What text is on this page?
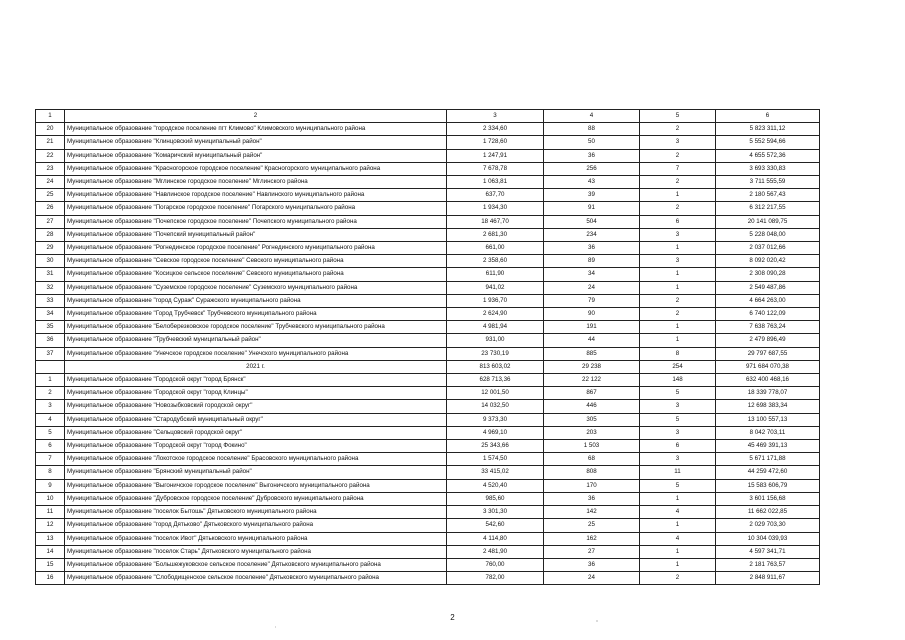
1	2	3	4	5	6
20	Муниципальное образование "городское поселение пгт Климово" Климовского муниципального района	2 334,60	88	2	5 823 311,12
21	Муниципальное образование "Клинцовский муниципальный район"	1 728,60	50	3	5 552 594,66
22	Муниципальное образование "Комаричский муниципальный район"	1 247,91	36	2	4 655 572,36
23	Муниципальное образование "Красногорское городское поселение" Красногорского муниципального района	7 678,78	256	7	3 693 330,83
24	Муниципальное образование "Мглинское городское поселение" Мглинского района	1 063,81	43	2	3 711 555,59
25	Муниципальное образование "Навлинское городское поселение" Навлинского муниципального района	637,70	39	1	2 180 567,43
26	Муниципальное образование "Погарское городское поселение" Погарского муниципального района	1 934,30	91	2	6 312 217,55
27	Муниципальное образование "Почепское городское поселение" Почепского муниципального района	18 467,70	504	6	20 141 089,75
28	Муниципальное образование "Почепский муниципальный район"	2 681,30	234	3	5 228 048,00
29	Муниципальное образование "Рогнединское городское поселение" Рогнединского муниципального района	661,00	36	1	2 037 012,66
30	Муниципальное образование "Севское городское поселение" Севского муниципального района	2 358,60	89	3	8 092 020,42
31	Муниципальное образование "Косицкое сельское поселение" Севского муниципального района	611,90	34	1	2 308 090,28
32	Муниципальное образование "Суземское городское поселение" Суземского муниципального района	941,02	24	1	2 549 487,86
33	Муниципальное образование "город Сураж" Суражского муниципального района	1 936,70	79	2	4 664 263,00
34	Муниципальное образование "Город Трубчевск" Трубчевского муниципального района	2 624,90	90	2	6 740 122,09
35	Муниципальное образование "Белоберезковское городское поселение" Трубчевского муниципального района	4 981,94	191	1	7 638 763,24
36	Муниципальное образование "Трубчевский муниципальный район"	931,00	44	1	2 479 896,49
37	Муниципальное образование "Унечское городское поселение" Унечского муниципального района	23 730,19	885	8	29 797 687,55
	2021 г.	813 603,02	29 238	254	971 684 070,38
1	Муниципальное образование "Городской округ "город Брянск"	628 713,36	22 122	148	632 400 468,16
2	Муниципальное образование "Городской округ "город Клинцы"	12 001,50	867	5	18 339 778,07
3	Муниципальное образование "Новозыбковский городской округ"	14 032,50	446	3	12 698 383,34
4	Муниципальное образование "Стародубский муниципальный округ"	9 373,30	305	5	13 100 557,13
5	Муниципальное образование "Сельцовский городской округ"	4 969,10	203	3	8 042 703,11
6	Муниципальное образование "Городской округ "город Фокино"	25 343,66	1 503	6	45 469 391,13
7	Муниципальное образование "Локотское городское поселение" Брасовского муниципального района	1 574,50	68	3	5 671 171,88
8	Муниципальное образование "Брянский муниципальный район"	33 415,02	808	11	44 259 472,60
9	Муниципальное образование "Выгоничское городское поселение" Выгоничского муниципального района	4 520,40	170	5	15 583 606,79
10	Муниципальное образование "Дубровское городское поселение" Дубровского муниципального района	985,60	36	1	3 601 156,68
11	Муниципальное образование "поселок Бытошь" Дятьковского муниципального района	3 301,30	142	4	11 662 022,85
12	Муниципальное образование "город Дятьково" Дятьковского муниципального района	542,60	25	1	2 029 703,30
13	Муниципальное образование "поселок Ивот" Дятьковского муниципального района	4 114,80	162	4	10 304 039,93
14	Муниципальное образование "поселок Старь" Дятьковского муниципального района	2 481,90	27	1	4 597 341,71
15	Муниципальное образование "Большежуковское сельское поселение" Дятьковского муниципального района	760,00	36	1	2 181 763,57
16	Муниципальное образование "Слободищенское сельское поселение" Дятьковского муниципального района	782,00	24	2	2 848 911,67
2
